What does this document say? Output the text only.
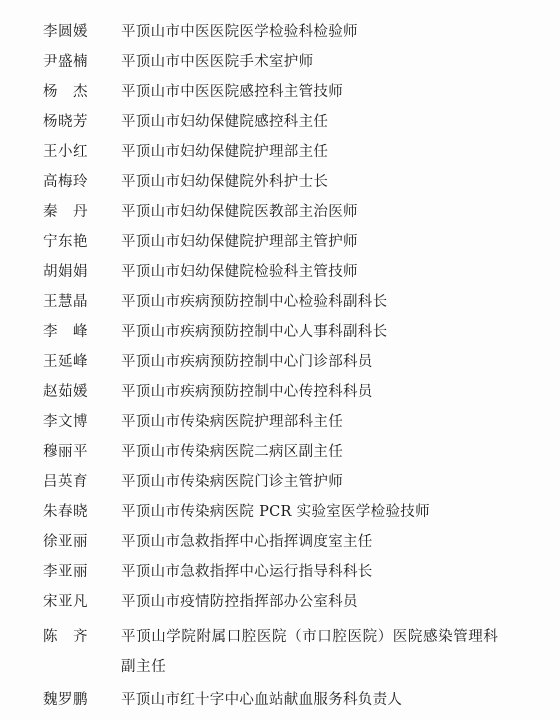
李圆媛	平顶山市中医医院医学检验科检验师
尹盛楠	平顶山市中医医院手术室护师
杨　杰	平顶山市中医医院感控科主管技师
杨晓芳	平顶山市妇幼保健院感控科主任
王小红	平顶山市妇幼保健院护理部主任
高梅玲	平顶山市妇幼保健院外科护士长
秦　丹	平顶山市妇幼保健院医教部主治医师
宁东艳	平顶山市妇幼保健院护理部主管护师
胡娟娟	平顶山市妇幼保健院检验科主管技师
王慧晶	平顶山市疾病预防控制中心检验科副科长
李　峰	平顶山市疾病预防控制中心人事科副科长
王延峰	平顶山市疾病预防控制中心门诊部科员
赵茹媛	平顶山市疾病预防控制中心传控科科员
李文博	平顶山市传染病医院护理部科主任
穆丽平	平顶山市传染病医院二病区副主任
吕英育	平顶山市传染病医院门诊主管护师
朱春晓	平顶山市传染病医院 PCR 实验室医学检验技师
徐亚丽	平顶山市急救指挥中心指挥调度室主任
李亚丽	平顶山市急救指挥中心运行指导科科长
宋亚凡	平顶山市疫情防控指挥部办公室科员
陈　齐	平顶山学院附属口腔医院（市口腔医院）医院感染管理科副主任
魏罗鹏	平顶山市红十字中心血站献血服务科负责人
